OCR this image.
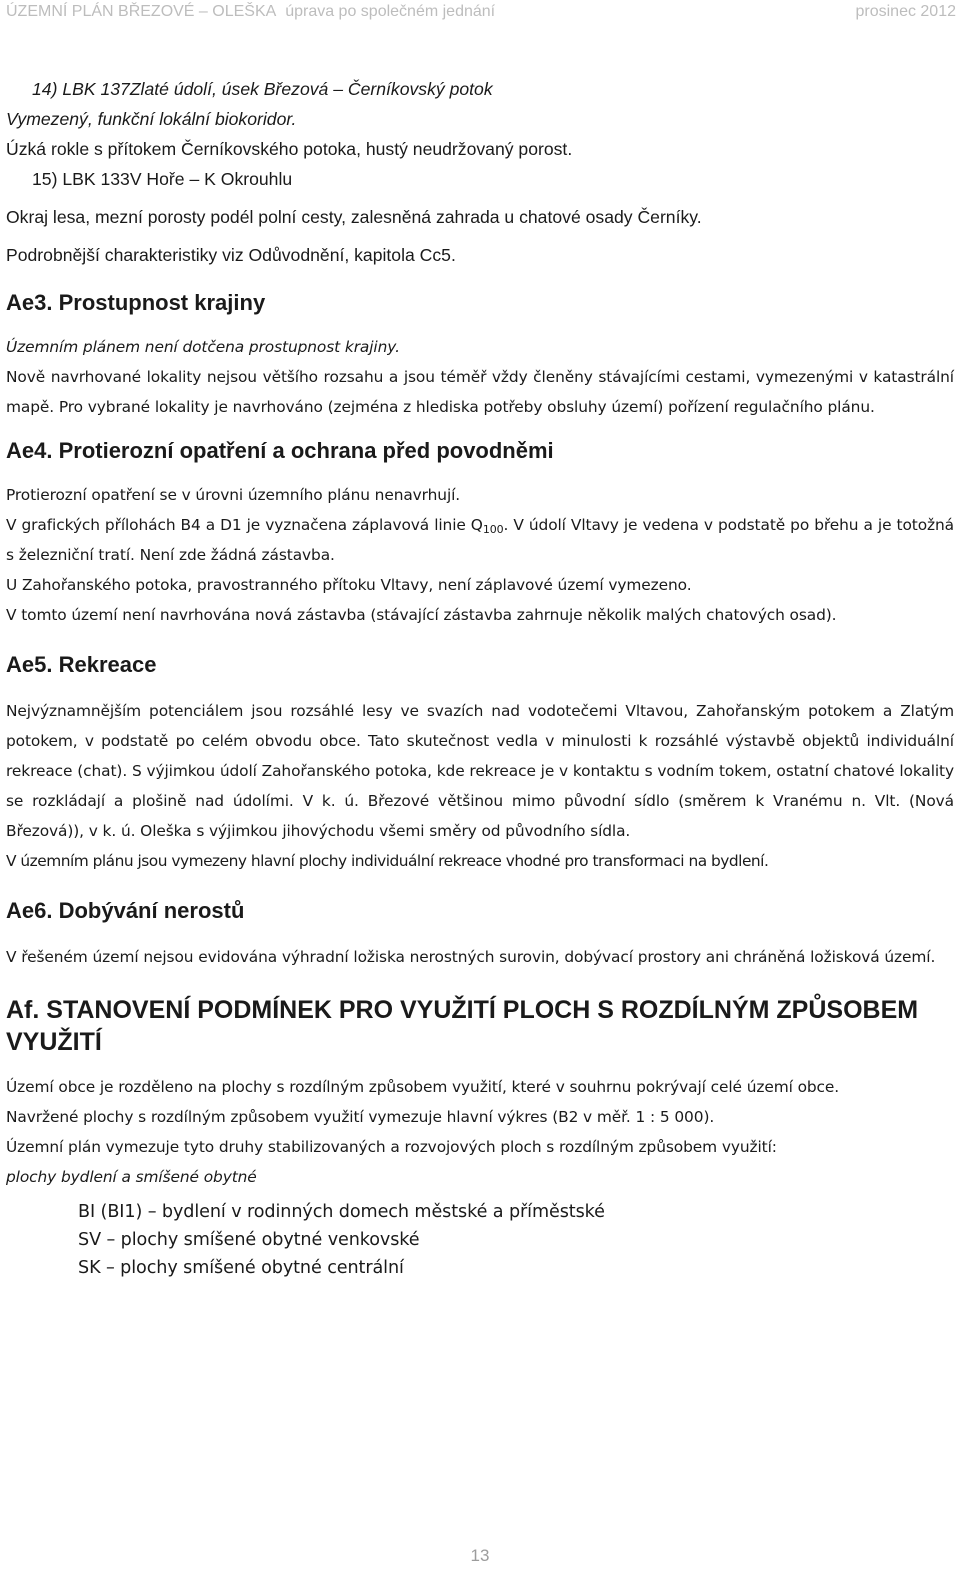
ÚZEMNÍ PLÁN BŘEZOVÉ – OLEŠKA úprava po společném jednání	prosinec 2012

14) LBK 137Zlaté údolí, úsek Březová – Černíkovský potok

Vymezený, funkční lokální biokoridor.

Úzká rokle s přítokem Černíkovského potoka, hustý neudržovaný porost.

15) LBK 133V Hoře – K Okrouhlu

Okraj lesa, mezní porosty podél polní cesty, zalesněná zahrada u chatové osady Černíky.

Podrobnější charakteristiky viz Odůvodnění, kapitola Cc5.

Ae3. Prostupnost krajiny

Územním plánem není dotčena prostupnost krajiny.

Nově navrhované lokality nejsou většího rozsahu a jsou téměř vždy členěny stávajícími cestami, vymezenými v katastrální mapě. Pro vybrané lokality je navrhováno (zejména z hlediska potřeby obsluhy území) pořízení regulačního plánu.

Ae4. Protierozní opatření a ochrana před povodněmi

Protierozní opatření se v úrovni územního plánu nenavrhují.

V grafických přílohách B4 a D1 je vyznačena záplavová linie $Q_{100}$. V údolí Vltavy je vedena v podstatě po břehu a je totožná s železniční tratí. Není zde žádná zástavba.

U Zahořanského potoka, pravostranného přítoku Vltavy, není záplavové území vymezeno.

V tomto území není navrhována nová zástavba (stávající zástavba zahrnuje několik malých chatových osad).

Ae5. Rekreace

Nejvýznamnějším potenciálem jsou rozsáhlé lesy ve svazích nad vodotečemi Vltavou, Zahořanským potokem a Zlatým potokem, v podstatě po celém obvodu obce. Tato skutečnost vedla v minulosti k rozsáhlé výstavbě objektů individuální rekreace (chat). S výjimkou údolí Zahořanského potoka, kde rekreace je v kontaktu s vodním tokem, ostatní chatové lokality se rozkládají a plošině nad údolími. V k. ú. Březové většinou mimo původní sídlo (směrem k Vranému n. Vlt. (Nová Březová)), v k. ú. Oleška s výjimkou jihovýchodu všemi směry od původního sídla.

V územním plánu jsou vymezeny hlavní plochy individuální rekreace vhodné pro transformaci na bydlení.

Ae6. Dobývání nerostů

V řešeném území nejsou evidována výhradní ložiska nerostných surovin, dobývací prostory ani chráněná ložisková území.

Af. STANOVENÍ PODMÍNEK PRO VYUŽITÍ PLOCH S ROZDÍLNÝM ZPŮSOBEM VYUŽITÍ

Území obce je rozděleno na plochy s rozdílným způsobem využití, které v souhrnu pokrývají celé území obce.

Navržené plochy s rozdílným způsobem využití vymezuje hlavní výkres (B2 v měř. 1 : 5 000).

Územní plán vymezuje tyto druhy stabilizovaných a rozvojových ploch s rozdílným způsobem využití:

plochy bydlení a smíšené obytné

BI (BI1) – bydlení v rodinných domech městské a příměstské

SV – plochy smíšené obytné venkovské

SK – plochy smíšené obytné centrální

13
